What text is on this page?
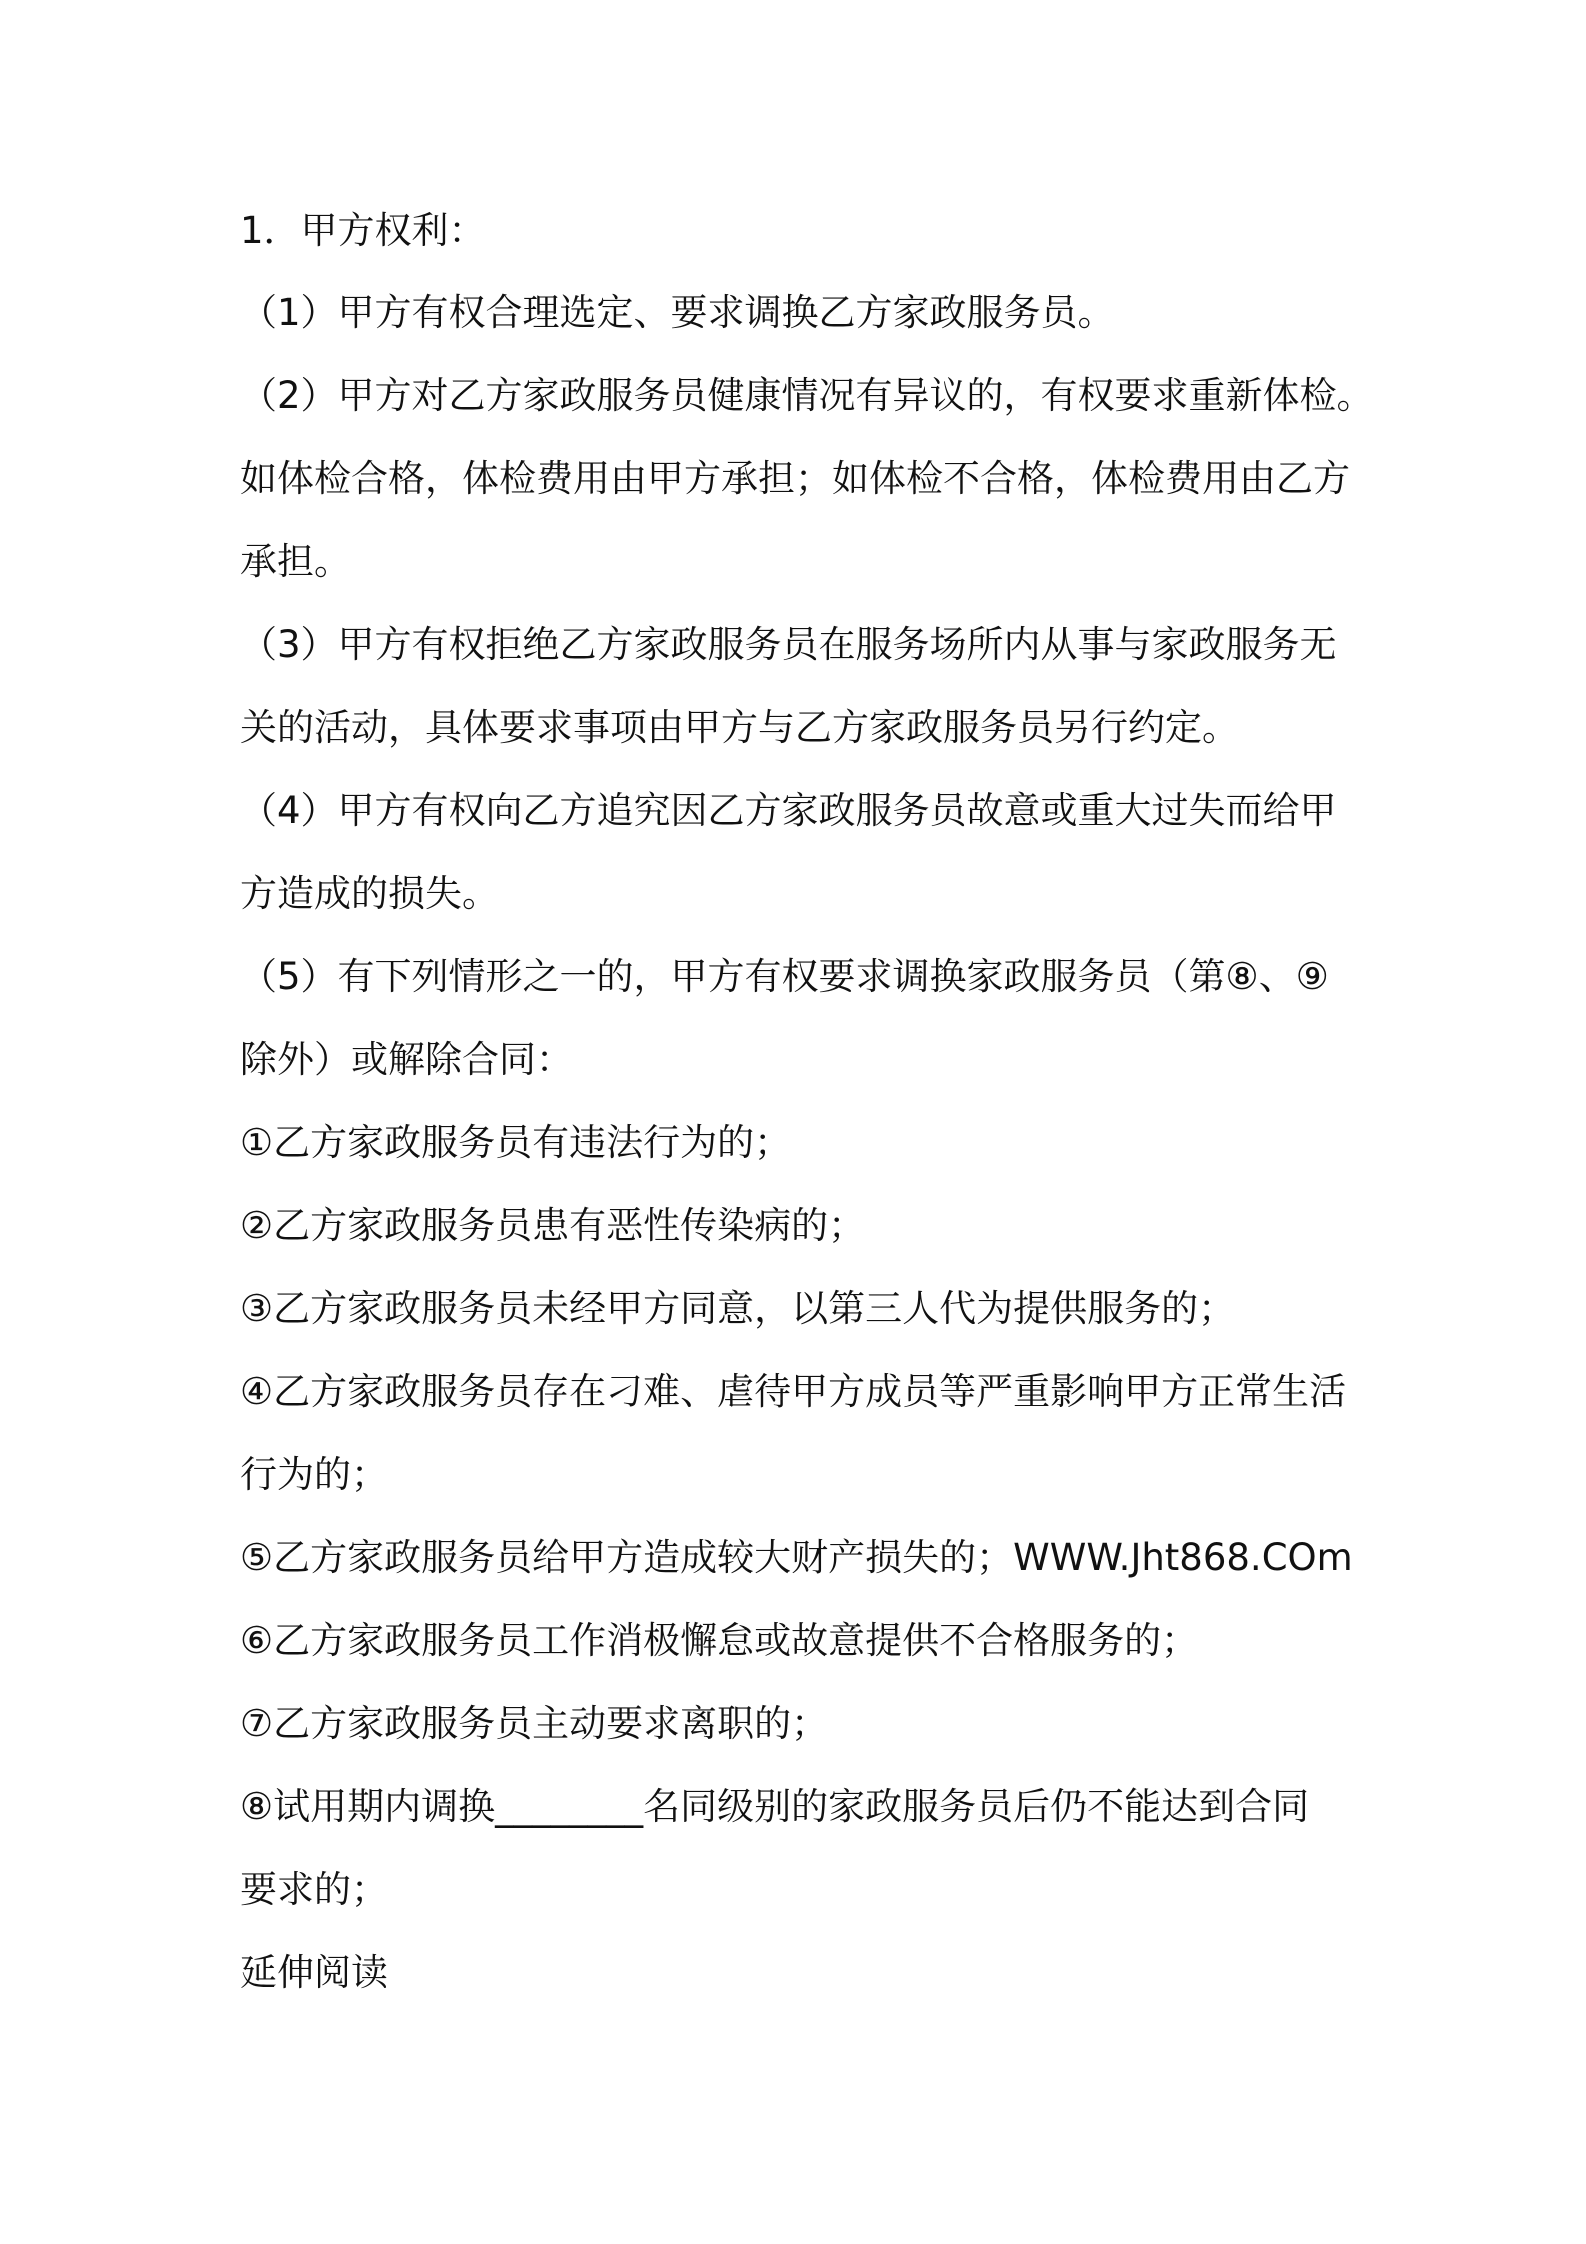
1．甲方权利：
（1）甲方有权合理选定、要求调换乙方家政服务员。
（2）甲方对乙方家政服务员健康情况有异议的，有权要求重新体检。
如体检合格，体检费用由甲方承担；如体检不合格，体检费用由乙方
承担。
（3）甲方有权拒绝乙方家政服务员在服务场所内从事与家政服务无
关的活动，具体要求事项由甲方与乙方家政服务员另行约定。
（4）甲方有权向乙方追究因乙方家政服务员故意或重大过失而给甲
方造成的损失。
（5）有下列情形之一的，甲方有权要求调换家政服务员（第⑧、⑨
除外）或解除合同：
①乙方家政服务员有违法行为的；
②乙方家政服务员患有恶性传染病的；
③乙方家政服务员未经甲方同意，以第三人代为提供服务的；
④乙方家政服务员存在刁难、虐待甲方成员等严重影响甲方正常生活
行为的；
⑤乙方家政服务员给甲方造成较大财产损失的；WWW.Jht868.COm
⑥乙方家政服务员工作消极懈怠或故意提供不合格服务的；
⑦乙方家政服务员主动要求离职的；
⑧试用期内调换________名同级别的家政服务员后仍不能达到合同
要求的；
延伸阅读
